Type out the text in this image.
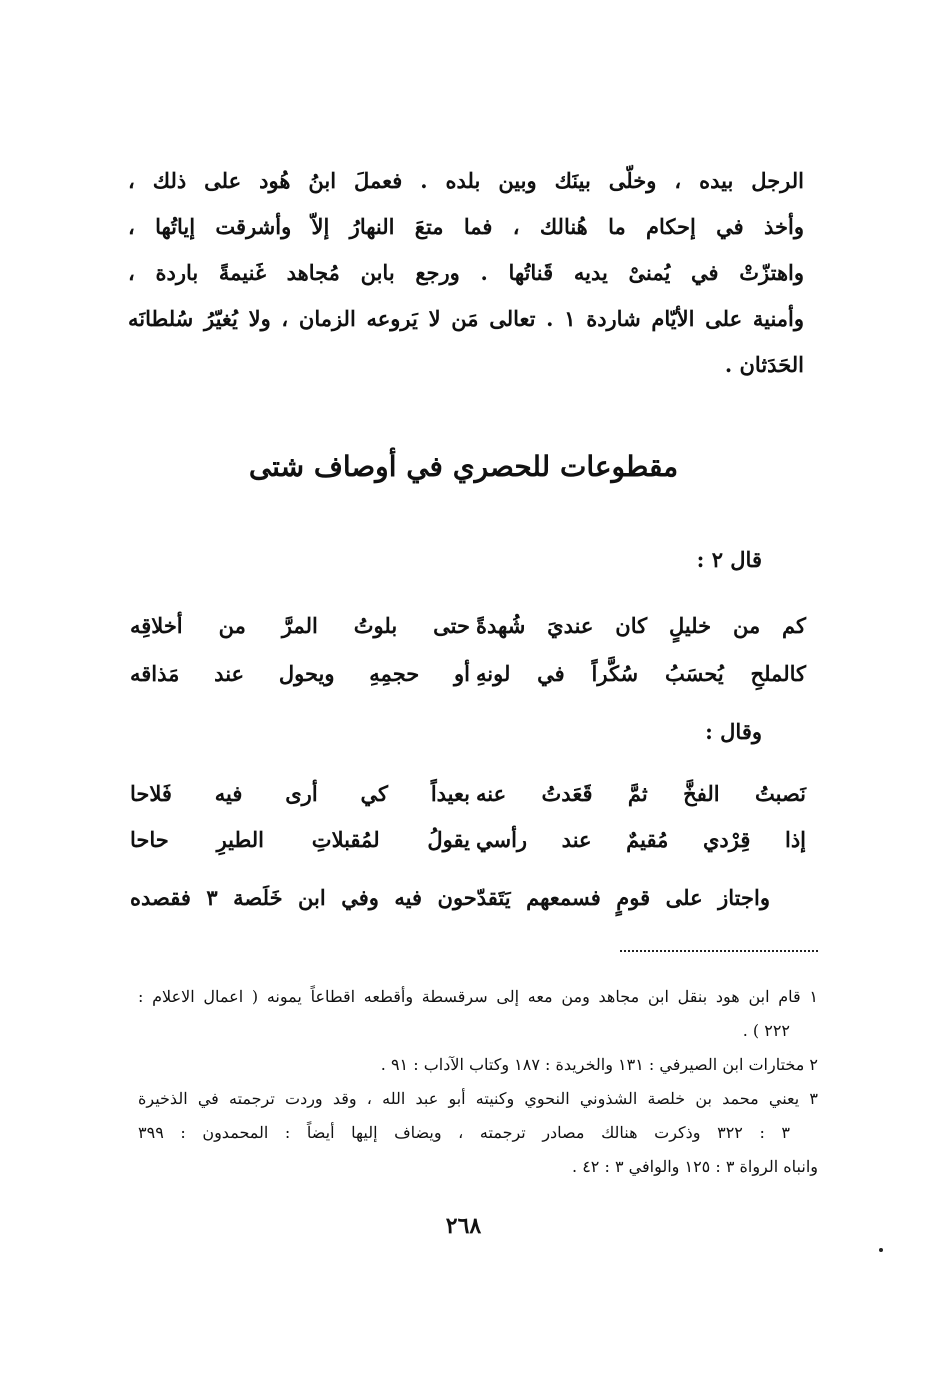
الرجل بيده ، وخلّى بينَك وبين بلده . فعملَ ابنُ هُود على ذلك ،
وأخذ في إحكام ما هُنالك ، فما متعَ النهارُ إلاّ وأشرقت إياتُها ،
واهتزّتْ في يُمنىْ يديه قَناتُها . ورجع بابن مُجاهد غَنيمةً باردة ،
وأمنية على الأيّام شاردة ١ . تعالى مَن لا يَروعه الزمان ، ولا يُغيّرُ سُلطانَه
الحَدَثان .
مقطوعات للحصري في أوصاف شتى
قال ٢ :
كم من خليلٍ كان عنديَ شُهدةً
حتى بلوتُ المرَّ من أخلاقِه
كالملحِ يُحسَبُ سُكَّراً في لونهِ
أو حجمِهِ ويحول عند مَذاقه
وقال :
نَصبتُ الفخَّ ثمَّ قَعَدتُ عنه
بعيداً كي أرى فيه فَلاحا
إذا قِرْدي مُقيمٌ عند رأسي
يقولُ لمُقبلاتِ الطيرِ حاحا
واجتاز على قومٍ فسمعهم يَتَقدّحون فيه وفي ابن خَلَصة ٣ فقصده
١ قام ابن هود بنقل ابن مجاهد ومن معه إلى سرقسطة وأقطعه اقطاعاً يمونه ( اعمال الاعلام :
٢٢٢ ) .
٢ مختارات ابن الصيرفي : ١٣١ والخريدة : ١٨٧ وكتاب الآداب : ٩١ .
٣ يعني محمد بن خلصة الشذوني النحوي وكنيته أبو عبد الله ، وقد وردت ترجمته في الذخيرة
٣ : ٣٢٢ وذكرت هنالك مصادر ترجمته ، ويضاف إليها أيضاً : المحمدون : ٣٩٩
وانباه الرواة ٣ : ١٢٥ والوافي ٣ : ٤٢ .
٢٦٨
